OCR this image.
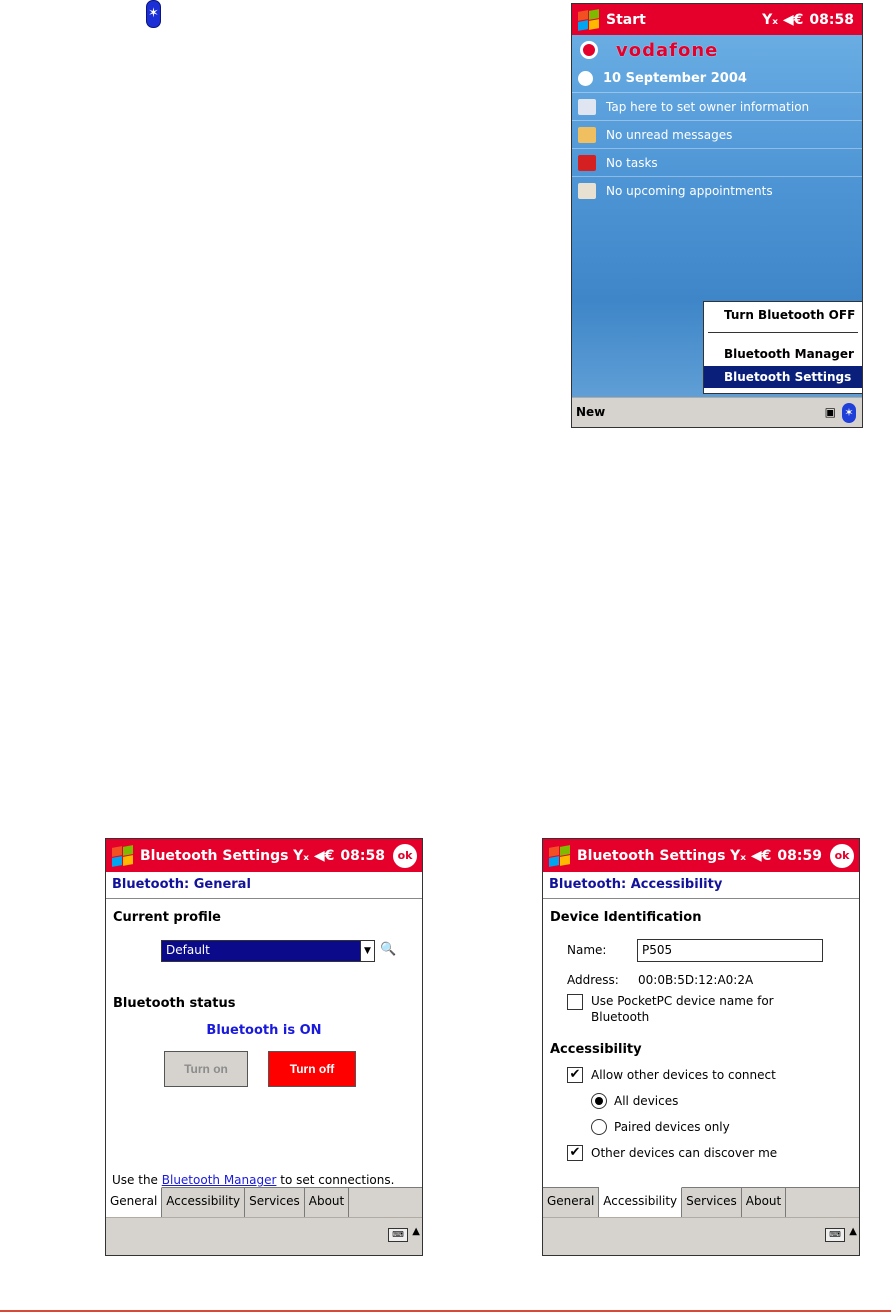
✶	Start	Yₓ ◀€ 08:58
vodafone
10 September 2004
Tap here to set owner information
No unread messages
No tasks
No upcoming appointments
Turn Bluetooth OFF
Bluetooth Manager
Bluetooth Settings
New	▣ ✶
Bluetooth Settings Yₓ ◀€ 08:58	ok
Bluetooth: General
Current profile
Default	▼ 🔍
Bluetooth status
Bluetooth is ON
Turn on	Turn off
Use the Bluetooth Manager to set connections.
General Accessibility Services About
⌨ ▲
Bluetooth Settings Yₓ ◀€ 08:59	ok
Bluetooth: Accessibility
Device Identification
Name:	P505
Address: 00:0B:5D:12:A0:2A
Use PocketPC device name for
Bluetooth
Accessibility
✔ Allow other devices to connect
All devices
Paired devices only
✔ Other devices can discover me
General Accessibility Services About
⌨ ▲
